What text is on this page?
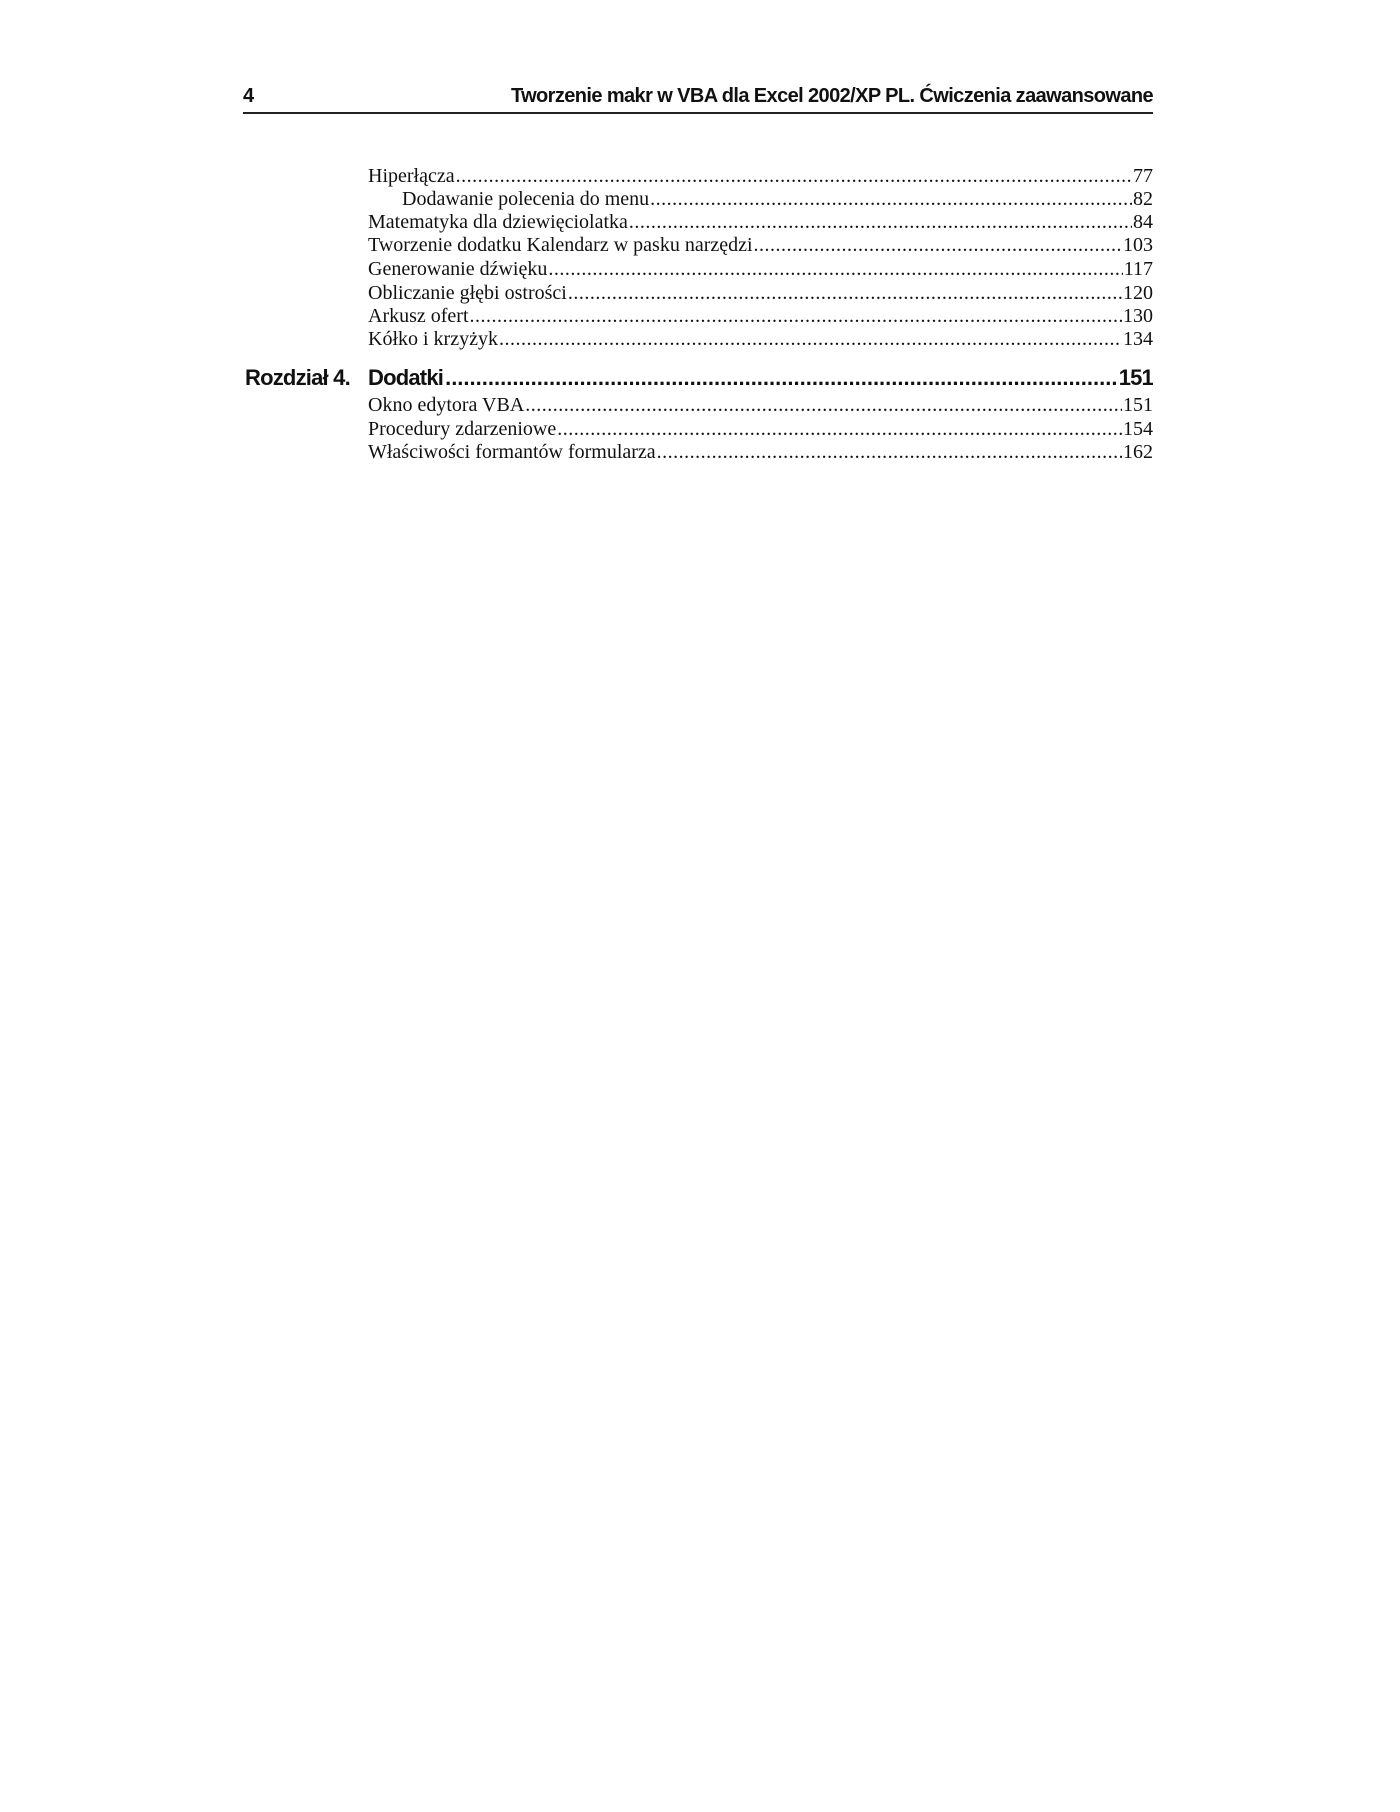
4	Tworzenie makr w VBA dla Excel 2002/XP PL. Ćwiczenia zaawansowane
Hiperłącza .....	77
Dodawanie polecenia do menu .....	82
Matematyka dla dziewięciolatka .....	84
Tworzenie dodatku Kalendarz w pasku narzędzi .....	103
Generowanie dźwięku .....	117
Obliczanie głębi ostrości .....	120
Arkusz ofert .....	130
Kółko i krzyżyk .....	134
Rozdział 4. Dodatki .....	151
Okno edytora VBA .....	151
Procedury zdarzeniowe .....	154
Właściwości formantów formularza .....	162
